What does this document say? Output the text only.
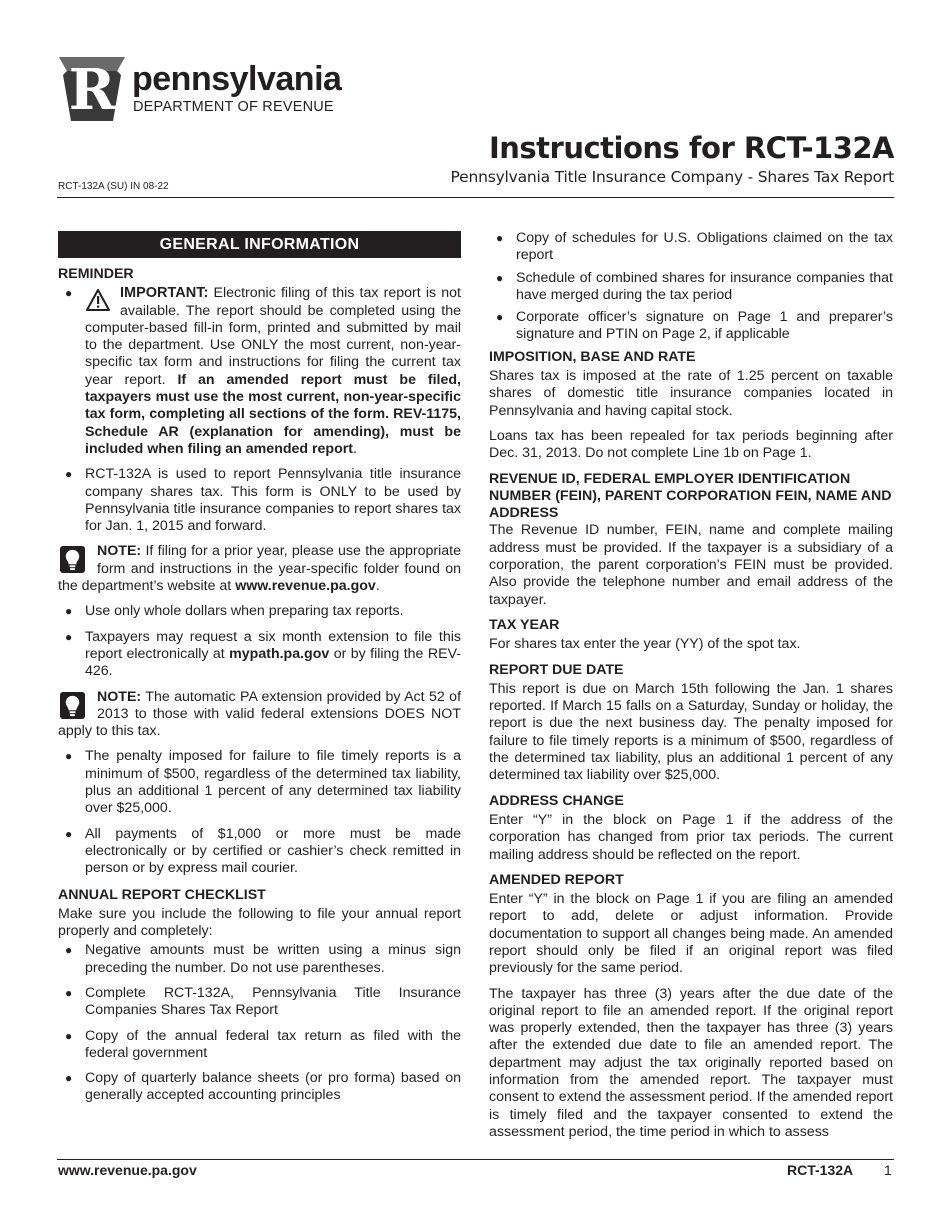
R pennsylvania
DEPARTMENT OF REVENUE
Instructions for RCT-132A
Pennsylvania Title Insurance Company - Shares Tax Report
RCT-132A (SU) IN 08-22
GENERAL INFORMATION

REMINDER

●	IMPORTANT: Electronic filing of this tax report is not available. The report should be completed using the computer-based fill-in form, printed and submitted by mail to the department. Use ONLY the most current, non-year-specific tax form and instructions for filing the current tax year report. If an amended report must be filed, taxpayers must use the most current, non-year-specific tax form, completing all sections of the form. REV-1175, Schedule AR (explanation for amending), must be included when filing an amended report.
● RCT-132A is used to report Pennsylvania title insurance company shares tax. This form is ONLY to be used by Pennsylvania title insurance companies to report shares tax for Jan. 1, 2015 and forward.
NOTE: If filing for a prior year, please use the appropriate form and instructions in the year-specific folder found on the department’s website at www.revenue.pa.gov.
● Use only whole dollars when preparing tax reports.
● Taxpayers may request a six month extension to file this report electronically at mypath.pa.gov or by filing the REV-426.
NOTE: The automatic PA extension provided by Act 52 of 2013 to those with valid federal extensions DOES NOT apply to this tax.
● The penalty imposed for failure to file timely reports is a minimum of $500, regardless of the determined tax liability, plus an additional 1 percent of any determined tax liability over $25,000.
● All payments of $1,000 or more must be made electronically or by certified or cashier’s check remitted in person or by express mail courier.

ANNUAL REPORT CHECKLIST

Make sure you include the following to file your annual report properly and completely:

● Negative amounts must be written using a minus sign preceding the number. Do not use parentheses.
● Complete RCT-132A, Pennsylvania Title Insurance Companies Shares Tax Report
● Copy of the annual federal tax return as filed with the federal government
● Copy of quarterly balance sheets (or pro forma) based on generally accepted accounting principles
● Copy of schedules for U.S. Obligations claimed on the tax report
● Schedule of combined shares for insurance companies that have merged during the tax period
● Corporate officer’s signature on Page 1 and preparer’s signature and PTIN on Page 2, if applicable

IMPOSITION, BASE AND RATE

Shares tax is imposed at the rate of 1.25 percent on taxable shares of domestic title insurance companies located in Pennsylvania and having capital stock.

Loans tax has been repealed for tax periods beginning after Dec. 31, 2013. Do not complete Line 1b on Page 1.

REVENUE ID, FEDERAL EMPLOYER IDENTIFICATION NUMBER (FEIN), PARENT CORPORATION FEIN, NAME AND ADDRESS

The Revenue ID number, FEIN, name and complete mailing address must be provided. If the taxpayer is a subsidiary of a corporation, the parent corporation’s FEIN must be provided. Also provide the telephone number and email address of the taxpayer.

TAX YEAR

For shares tax enter the year (YY) of the spot tax.

REPORT DUE DATE

This report is due on March 15th following the Jan. 1 shares reported. If March 15 falls on a Saturday, Sunday or holiday, the report is due the next business day. The penalty imposed for failure to file timely reports is a minimum of $500, regardless of the determined tax liability, plus an additional 1 percent of any determined tax liability over $25,000.

ADDRESS CHANGE

Enter “Y” in the block on Page 1 if the address of the corporation has changed from prior tax periods. The current mailing address should be reflected on the report.

AMENDED REPORT

Enter “Y” in the block on Page 1 if you are filing an amended report to add, delete or adjust information. Provide documentation to support all changes being made. An amended report should only be filed if an original report was filed previously for the same period.

The taxpayer has three (3) years after the due date of the original report to file an amended report. If the original report was properly extended, then the taxpayer has three (3) years after the extended due date to file an amended report. The department may adjust the tax originally reported based on information from the amended report. The taxpayer must consent to extend the assessment period. If the amended report is timely filed and the taxpayer consented to extend the assessment period, the time period in which to assess

www.revenue.pa.gov	RCT-132A 1
